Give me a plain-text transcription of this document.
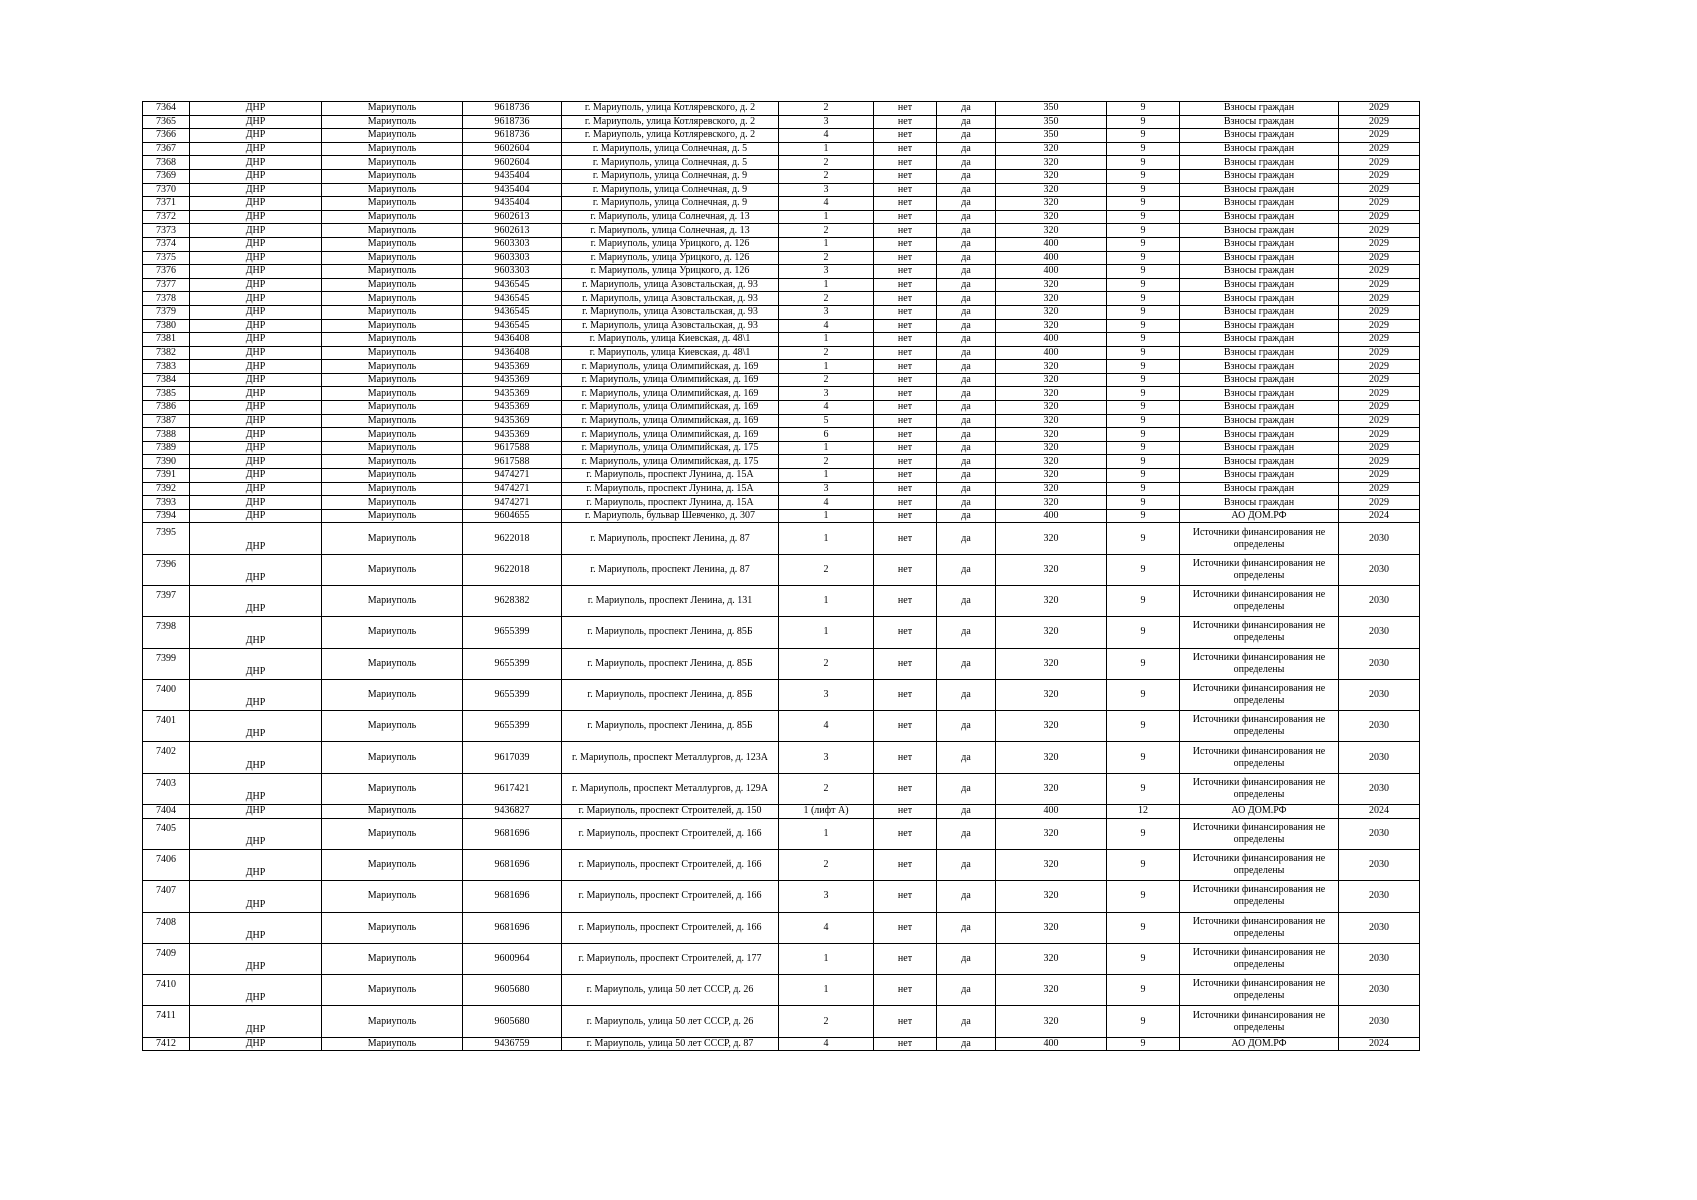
7364	ДНР	Мариуполь	9618736	г. Мариуполь, улица Котляревского, д. 2	2	нет	да	350	9	Взносы граждан	2029
7365	ДНР	Мариуполь	9618736	г. Мариуполь, улица Котляревского, д. 2	3	нет	да	350	9	Взносы граждан	2029
7366	ДНР	Мариуполь	9618736	г. Мариуполь, улица Котляревского, д. 2	4	нет	да	350	9	Взносы граждан	2029
7367	ДНР	Мариуполь	9602604	г. Мариуполь, улица Солнечная, д. 5	1	нет	да	320	9	Взносы граждан	2029
7368	ДНР	Мариуполь	9602604	г. Мариуполь, улица Солнечная, д. 5	2	нет	да	320	9	Взносы граждан	2029
7369	ДНР	Мариуполь	9435404	г. Мариуполь, улица Солнечная, д. 9	2	нет	да	320	9	Взносы граждан	2029
7370	ДНР	Мариуполь	9435404	г. Мариуполь, улица Солнечная, д. 9	3	нет	да	320	9	Взносы граждан	2029
7371	ДНР	Мариуполь	9435404	г. Мариуполь, улица Солнечная, д. 9	4	нет	да	320	9	Взносы граждан	2029
7372	ДНР	Мариуполь	9602613	г. Мариуполь, улица Солнечная, д. 13	1	нет	да	320	9	Взносы граждан	2029
7373	ДНР	Мариуполь	9602613	г. Мариуполь, улица Солнечная, д. 13	2	нет	да	320	9	Взносы граждан	2029
7374	ДНР	Мариуполь	9603303	г. Мариуполь, улица Урицкого, д. 126	1	нет	да	400	9	Взносы граждан	2029
7375	ДНР	Мариуполь	9603303	г. Мариуполь, улица Урицкого, д. 126	2	нет	да	400	9	Взносы граждан	2029
7376	ДНР	Мариуполь	9603303	г. Мариуполь, улица Урицкого, д. 126	3	нет	да	400	9	Взносы граждан	2029
7377	ДНР	Мариуполь	9436545	г. Мариуполь, улица Азовстальская, д. 93	1	нет	да	320	9	Взносы граждан	2029
7378	ДНР	Мариуполь	9436545	г. Мариуполь, улица Азовстальская, д. 93	2	нет	да	320	9	Взносы граждан	2029
7379	ДНР	Мариуполь	9436545	г. Мариуполь, улица Азовстальская, д. 93	3	нет	да	320	9	Взносы граждан	2029
7380	ДНР	Мариуполь	9436545	г. Мариуполь, улица Азовстальская, д. 93	4	нет	да	320	9	Взносы граждан	2029
7381	ДНР	Мариуполь	9436408	г. Мариуполь, улица Киевская, д. 48\1	1	нет	да	400	9	Взносы граждан	2029
7382	ДНР	Мариуполь	9436408	г. Мариуполь, улица Киевская, д. 48\1	2	нет	да	400	9	Взносы граждан	2029
7383	ДНР	Мариуполь	9435369	г. Мариуполь, улица Олимпийская, д. 169	1	нет	да	320	9	Взносы граждан	2029
7384	ДНР	Мариуполь	9435369	г. Мариуполь, улица Олимпийская, д. 169	2	нет	да	320	9	Взносы граждан	2029
7385	ДНР	Мариуполь	9435369	г. Мариуполь, улица Олимпийская, д. 169	3	нет	да	320	9	Взносы граждан	2029
7386	ДНР	Мариуполь	9435369	г. Мариуполь, улица Олимпийская, д. 169	4	нет	да	320	9	Взносы граждан	2029
7387	ДНР	Мариуполь	9435369	г. Мариуполь, улица Олимпийская, д. 169	5	нет	да	320	9	Взносы граждан	2029
7388	ДНР	Мариуполь	9435369	г. Мариуполь, улица Олимпийская, д. 169	6	нет	да	320	9	Взносы граждан	2029
7389	ДНР	Мариуполь	9617588	г. Мариуполь, улица Олимпийская, д. 175	1	нет	да	320	9	Взносы граждан	2029
7390	ДНР	Мариуполь	9617588	г. Мариуполь, улица Олимпийская, д. 175	2	нет	да	320	9	Взносы граждан	2029
7391	ДНР	Мариуполь	9474271	г. Мариуполь, проспект Лунина, д. 15А	1	нет	да	320	9	Взносы граждан	2029
7392	ДНР	Мариуполь	9474271	г. Мариуполь, проспект Лунина, д. 15А	3	нет	да	320	9	Взносы граждан	2029
7393	ДНР	Мариуполь	9474271	г. Мариуполь, проспект Лунина, д. 15А	4	нет	да	320	9	Взносы граждан	2029
7394	ДНР	Мариуполь	9604655	г. Мариуполь, бульвар Шевченко, д. 307	1	нет	да	400	9	АО ДОМ.РФ	2024
7395	ДНР	Мариуполь	9622018	г. Мариуполь, проспект Ленина, д. 87	1	нет	да	320	9	Источники финансирования не определены	2030
7396	ДНР	Мариуполь	9622018	г. Мариуполь, проспект Ленина, д. 87	2	нет	да	320	9	Источники финансирования не определены	2030
7397	ДНР	Мариуполь	9628382	г. Мариуполь, проспект Ленина, д. 131	1	нет	да	320	9	Источники финансирования не определены	2030
7398	ДНР	Мариуполь	9655399	г. Мариуполь, проспект Ленина, д. 85Б	1	нет	да	320	9	Источники финансирования не определены	2030
7399	ДНР	Мариуполь	9655399	г. Мариуполь, проспект Ленина, д. 85Б	2	нет	да	320	9	Источники финансирования не определены	2030
7400	ДНР	Мариуполь	9655399	г. Мариуполь, проспект Ленина, д. 85Б	3	нет	да	320	9	Источники финансирования не определены	2030
7401	ДНР	Мариуполь	9655399	г. Мариуполь, проспект Ленина, д. 85Б	4	нет	да	320	9	Источники финансирования не определены	2030
7402	ДНР	Мариуполь	9617039	г. Мариуполь, проспект Металлургов, д. 123А	3	нет	да	320	9	Источники финансирования не определены	2030
7403	ДНР	Мариуполь	9617421	г. Мариуполь, проспект Металлургов, д. 129А	2	нет	да	320	9	Источники финансирования не определены	2030
7404	ДНР	Мариуполь	9436827	г. Мариуполь, проспект Строителей, д. 150	1 (лифт А)	нет	да	400	12	АО ДОМ.РФ	2024
7405	ДНР	Мариуполь	9681696	г. Мариуполь, проспект Строителей, д. 166	1	нет	да	320	9	Источники финансирования не определены	2030
7406	ДНР	Мариуполь	9681696	г. Мариуполь, проспект Строителей, д. 166	2	нет	да	320	9	Источники финансирования не определены	2030
7407	ДНР	Мариуполь	9681696	г. Мариуполь, проспект Строителей, д. 166	3	нет	да	320	9	Источники финансирования не определены	2030
7408	ДНР	Мариуполь	9681696	г. Мариуполь, проспект Строителей, д. 166	4	нет	да	320	9	Источники финансирования не определены	2030
7409	ДНР	Мариуполь	9600964	г. Мариуполь, проспект Строителей, д. 177	1	нет	да	320	9	Источники финансирования не определены	2030
7410	ДНР	Мариуполь	9605680	г. Мариуполь, улица 50 лет СССР, д. 26	1	нет	да	320	9	Источники финансирования не определены	2030
7411	ДНР	Мариуполь	9605680	г. Мариуполь, улица 50 лет СССР, д. 26	2	нет	да	320	9	Источники финансирования не определены	2030
7412	ДНР	Мариуполь	9436759	г. Мариуполь, улица 50 лет СССР, д. 87	4	нет	да	400	9	АО ДОМ.РФ	2024
